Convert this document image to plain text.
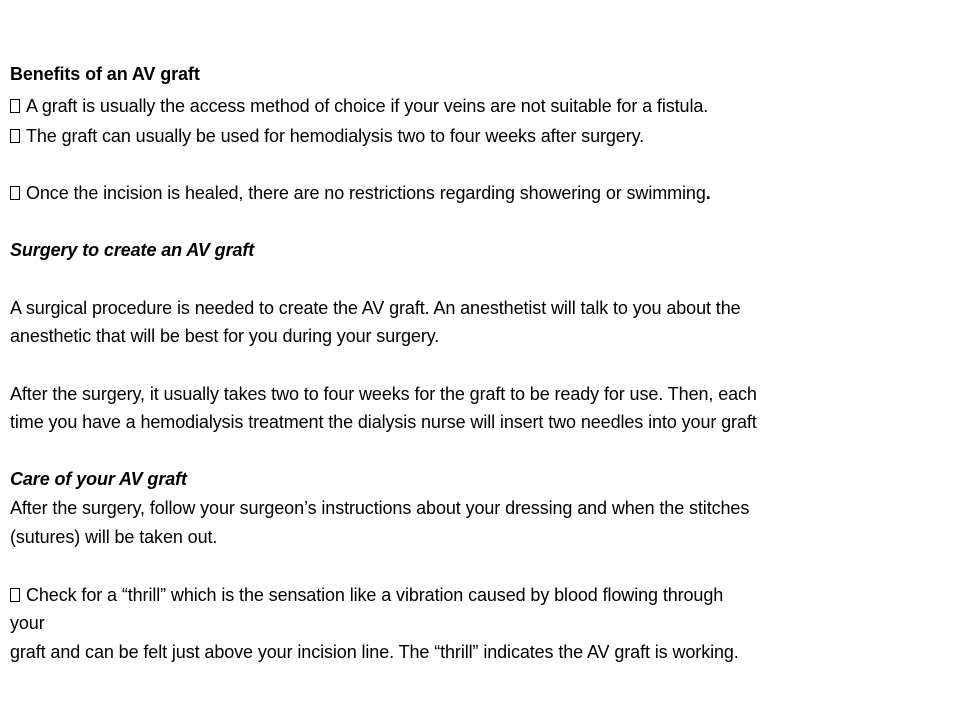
Benefits of an AV graft
A graft is usually the access method of choice if your veins are not suitable for a fistula.
The graft can usually be used for hemodialysis two to four weeks after surgery.
Once the incision is healed, there are no restrictions regarding showering or swimming.
Surgery to create an AV graft
A surgical procedure is needed to create the AV graft. An anesthetist will talk to you about the
anesthetic that will be best for you during your surgery.
After the surgery, it usually takes two to four weeks for the graft to be ready for use. Then, each
time you have a hemodialysis treatment the dialysis nurse will insert two needles into your graft
Care of your AV graft
After the surgery, follow your surgeon’s instructions about your dressing and when the stitches
(sutures) will be taken out.
Check for a “thrill” which is the sensation like a vibration caused by blood flowing through
your
graft and can be felt just above your incision line. The “thrill” indicates the AV graft is working.
